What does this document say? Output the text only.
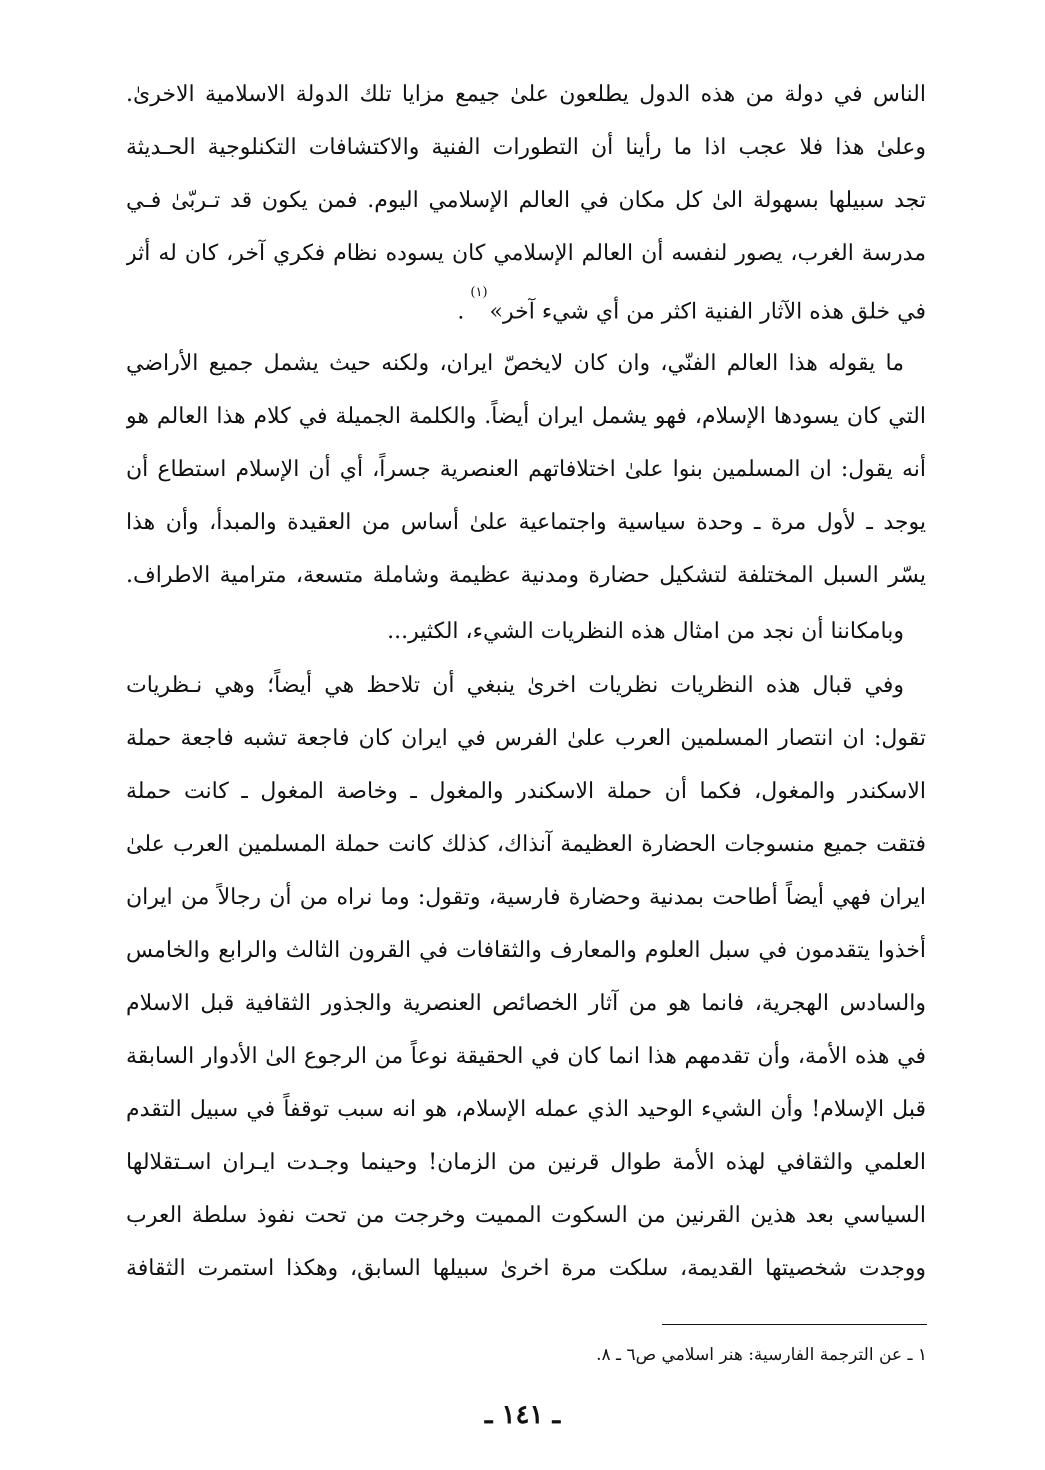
الناس في دولة من هذه الدول يطلعون علىٰ جيمع مزايا تلك الدولة الاسلامية الاخرىٰ.
وعلىٰ هذا فلا عجب اذا ما رأينا أن التطورات الفنية والاكتشافات التكنلوجية الحـديثة
تجد سبيلها بسهولة الىٰ كل مكان في العالم الإسلامي اليوم. فمن يكون قد تـربّىٰ فـي
مدرسة الغرب، يصور لنفسه أن العالم الإسلامي كان يسوده نظام فكري آخر، كان له أثر
في خلق هذه الآثار الفنية اكثر من أي شيء آخر»$^{(١)}$.
ما يقوله هذا العالم الفنّي، وان كان لايخصّ ايران، ولكنه حيث يشمل جميع الأراضي
التي كان يسودها الإسلام، فهو يشمل ايران أيضاً. والكلمة الجميلة في كلام هذا العالم هو
أنه يقول: ان المسلمين بنوا علىٰ اختلافاتهم العنصرية جسراً، أي أن الإسلام استطاع أن
يوجد ـ لأول مرة ـ وحدة سياسية واجتماعية علىٰ أساس من العقيدة والمبدأ، وأن هذا
يسّر السبل المختلفة لتشكيل حضارة ومدنية عظيمة وشاملة متسعة، مترامية الاطراف.
وبامكاننا أن نجد من امثال هذه النظريات الشيء، الكثير...
وفي قبال هذه النظريات نظريات اخرىٰ ينبغي أن تلاحظ هي أيضاً؛ وهي نـظريات
تقول: ان انتصار المسلمين العرب علىٰ الفرس في ايران كان فاجعة تشبه فاجعة حملة
الاسكندر والمغول، فكما أن حملة الاسكندر والمغول ـ وخاصة المغول ـ كانت حملة
فتقت جميع منسوجات الحضارة العظيمة آنذاك، كذلك كانت حملة المسلمين العرب علىٰ
ايران فهي أيضاً أطاحت بمدنية وحضارة فارسية، وتقول: وما نراه من أن رجالاً من ايران
أخذوا يتقدمون في سبل العلوم والمعارف والثقافات في القرون الثالث والرابع والخامس
والسادس الهجرية، فانما هو من آثار الخصائص العنصرية والجذور الثقافية قبل الاسلام
في هذه الأمة، وأن تقدمهم هذا انما كان في الحقيقة نوعاً من الرجوع الىٰ الأدوار السابقة
قبل الإسلام! وأن الشيء الوحيد الذي عمله الإسلام، هو انه سبب توقفاً في سبيل التقدم
العلمي والثقافي لهذه الأمة طوال قرنين من الزمان! وحينما وجـدت ايـران اسـتقلالها
السياسي بعد هذين القرنين من السكوت المميت وخرجت من تحت نفوذ سلطة العرب
ووجدت شخصيتها القديمة، سلكت مرة اخرىٰ سبيلها السابق، وهكذا استمرت الثقافة
١ ـ عن الترجمة الفارسية: هنر اسلامي ص٦ ـ ٨.
ـ ١٤١ ـ
